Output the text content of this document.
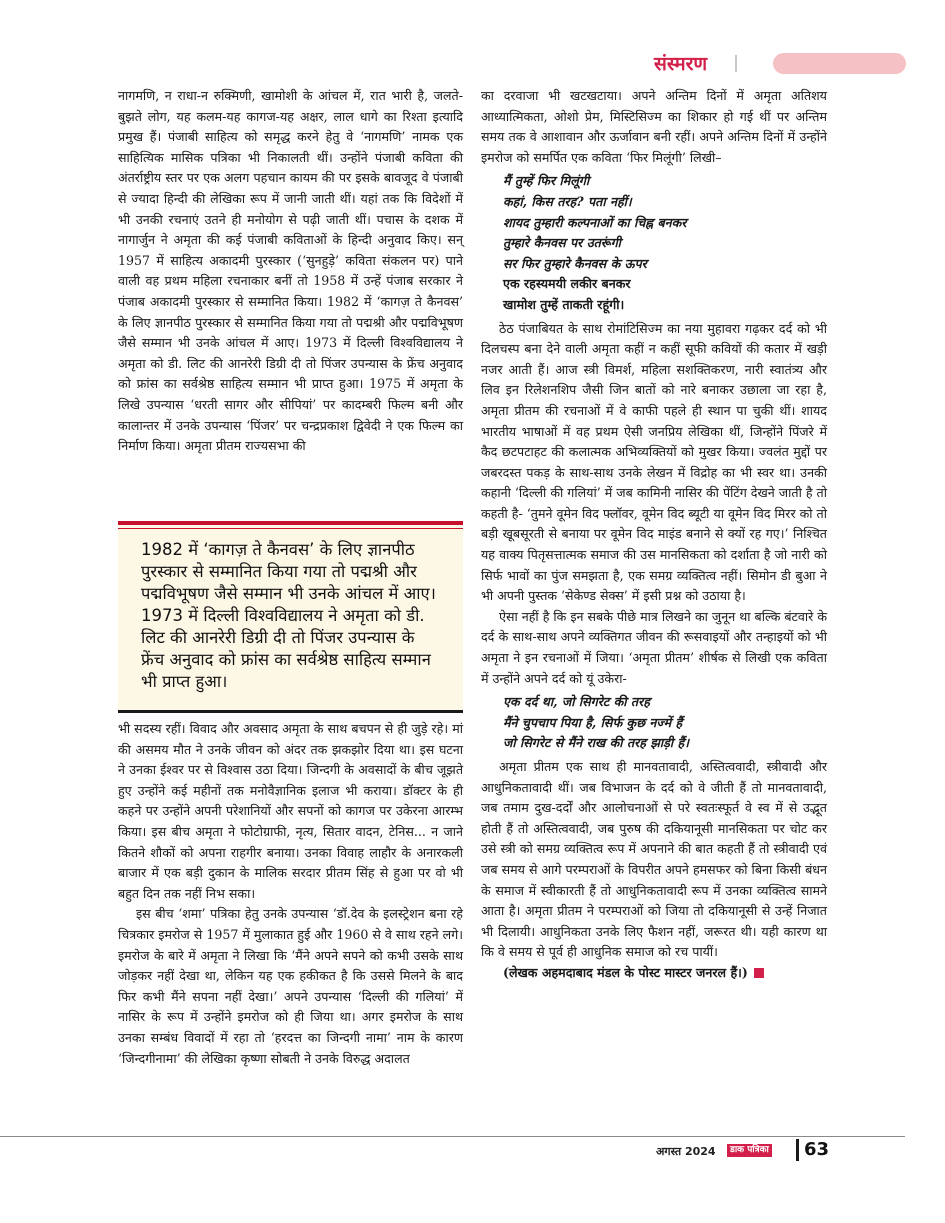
संस्मरण

नागमणि, न राधा-न रुक्मिणी, खामोशी के आंचल में, रात भारी है, जलते-बुझते लोग, यह कलम-यह कागज-यह अक्षर, लाल धागे का रिश्ता इत्यादि प्रमुख हैं। पंजाबी साहित्य को समृद्ध करने हेतु वे ‘नागमणि’ नामक एक साहित्यिक मासिक पत्रिका भी निकालती थीं। उन्होंने पंजाबी कविता की अंतर्राष्ट्रीय स्तर पर एक अलग पहचान कायम की पर इसके बावजूद वे पंजाबी से ज्यादा हिन्दी की लेखिका रूप में जानी जाती थीं। यहां तक कि विदेशों में भी उनकी रचनाएं उतने ही मनोयोग से पढ़ी जाती थीं। पचास के दशक में नागार्जुन ने अमृता की कई पंजाबी कविताओं के हिन्दी अनुवाद किए। सन् 1957 में साहित्य अकादमी पुरस्कार (‘सुनहुड़े’ कविता संकलन पर) पाने वाली वह प्रथम महिला रचनाकार बनीं तो 1958 में उन्हें पंजाब सरकार ने पंजाब अकादमी पुरस्कार से सम्मानित किया। 1982 में ‘कागज़ ते कैनवस’ के लिए ज्ञानपीठ पुरस्कार से सम्मानित किया गया तो पद्मश्री और पद्मविभूषण जैसे सम्मान भी उनके आंचल में आए। 1973 में दिल्ली विश्वविद्यालय ने अमृता को डी. लिट की आनरेरी डिग्री दी तो पिंजर उपन्यास के फ्रेंच अनुवाद को फ्रांस का सर्वश्रेष्ठ साहित्य सम्मान भी प्राप्त हुआ। 1975 में अमृता के लिखे उपन्यास ‘धरती सागर और सीपियां’ पर कादम्बरी फिल्म बनी और कालान्तर में उनके उपन्यास ‘पिंजर’ पर चन्द्रप्रकाश द्विवेदी ने एक फिल्म का निर्माण किया। अमृता प्रीतम राज्यसभा की

1982 में ‘कागज़ ते कैनवस’ के लिए ज्ञानपीठ पुरस्कार से सम्मानित किया गया तो पद्मश्री और पद्मविभूषण जैसे सम्मान भी उनके आंचल में आए। 1973 में दिल्ली विश्वविद्यालय ने अमृता को डी. लिट की आनरेरी डिग्री दी तो पिंजर उपन्यास के फ्रेंच अनुवाद को फ्रांस का सर्वश्रेष्ठ साहित्य सम्मान भी प्राप्त हुआ।

भी सदस्य रहीं। विवाद और अवसाद अमृता के साथ बचपन से ही जुड़े रहे। मां की असमय मौत ने उनके जीवन को अंदर तक झकझोर दिया था। इस घटना ने उनका ईश्वर पर से विश्वास उठा दिया। जिन्दगी के अवसादों के बीच जूझते हुए उन्होंने कई महीनों तक मनोवैज्ञानिक इलाज भी कराया। डॉक्टर के ही कहने पर उन्होंने अपनी परेशानियों और सपनों को कागज पर उकेरना आरम्भ किया। इस बीच अमृता ने फोटोग्राफी, नृत्य, सितार वादन, टेनिस... न जाने कितने शौकों को अपना राहगीर बनाया। उनका विवाह लाहौर के अनारकली बाजार में एक बड़ी दुकान के मालिक सरदार प्रीतम सिंह से हुआ पर वो भी बहुत दिन तक नहीं निभ सका।

इस बीच ‘शमा’ पत्रिका हेतु उनके उपन्यास ‘डॉ.देव के इलस्ट्रेशन बना रहे चित्रकार इमरोज से 1957 में मुलाकात हुई और 1960 से वे साथ रहने लगे। इमरोज के बारे में अमृता ने लिखा कि ‘मैंने अपने सपने को कभी उसके साथ जोड़कर नहीं देखा था, लेकिन यह एक हकीकत है कि उससे मिलने के बाद फिर कभी मैंने सपना नहीं देखा।’ अपने उपन्यास ‘दिल्ली की गलियां’ में नासिर के रूप में उन्होंने इमरोज को ही जिया था। अगर इमरोज के साथ उनका सम्बंध विवादों में रहा तो ‘हरदत्त का जिन्दगी नामा’ नाम के कारण ‘जिन्दगीनामा’ की लेखिका कृष्णा सोबती ने उनके विरुद्ध अदालत

का दरवाजा भी खटखटाया। अपने अन्तिम दिनों में अमृता अतिशय आध्यात्मिकता, ओशो प्रेम, मिस्टिसिज्म का शिकार हो गई थीं पर अन्तिम समय तक वे आशावान और ऊर्जावान बनी रहीं। अपने अन्तिम दिनों में उन्होंने इमरोज को समर्पित एक कविता ‘फिर मिलूंगी’ लिखी–

मैं तुम्हें फिर मिलूंगी
कहां, किस तरह? पता नहीं।
शायद तुम्हारी कल्पनाओं का चिह्न बनकर
तुम्हारे कैनवस पर उतरूंगी
सर फिर तुम्हारे कैनवस के ऊपर
एक रहस्यमयी लकीर बनकर
खामोश तुम्हें ताकती रहूंगी।

ठेठ पंजाबियत के साथ रोमांटिसिज्म का नया मुहावरा गढ़कर दर्द को भी दिलचस्प बना देने वाली अमृता कहीं न कहीं सूफी कवियों की कतार में खड़ी नजर आती हैं। आज स्त्री विमर्श, महिला सशक्तिकरण, नारी स्वातंत्र्य और लिव इन रिलेशनशिप जैसी जिन बातों को नारे बनाकर उछाला जा रहा है, अमृता प्रीतम की रचनाओं में वे काफी पहले ही स्थान पा चुकी थीं। शायद भारतीय भाषाओं में वह प्रथम ऐसी जनप्रिय लेखिका थीं, जिन्होंने पिंजरे में कैद छटपटाहट की कलात्मक अभिव्यक्तियों को मुखर किया। ज्वलंत मुद्दों पर जबरदस्त पकड़ के साथ-साथ उनके लेखन में विद्रोह का भी स्वर था। उनकी कहानी ‘दिल्ली की गलियां’ में जब कामिनी नासिर की पेंटिंग देखने जाती है तो कहती है- ‘तुमने वूमेन विद फ्लॉवर, वूमेन विद ब्यूटी या वूमेन विद मिरर को तो बड़ी खूबसूरती से बनाया पर वूमेन विद माइंड बनाने से क्यों रह गए।’ निश्चित यह वाक्य पितृसत्तात्मक समाज की उस मानसिकता को दर्शाता है जो नारी को सिर्फ भावों का पुंज समझता है, एक समग्र व्यक्तित्व नहीं। सिमोन डी बुआ ने भी अपनी पुस्तक ‘सेकेण्ड सेक्स’ में इसी प्रश्न को उठाया है।

ऐसा नहीं है कि इन सबके पीछे मात्र लिखने का जुनून था बल्कि बंटवारे के दर्द के साथ-साथ अपने व्यक्तिगत जीवन की रूसवाइयों और तन्हाइयों को भी अमृता ने इन रचनाओं में जिया। ‘अमृता प्रीतम’ शीर्षक से लिखी एक कविता में उन्होंने अपने दर्द को यूं उकेरा-

एक दर्द था, जो सिगरेट की तरह
मैंने चुपचाप पिया है, सिर्फ कुछ नज्में हैं
जो सिगरेट से मैंने राख की तरह झाड़ी हैं।

अमृता प्रीतम एक साथ ही मानवतावादी, अस्तित्ववादी, स्त्रीवादी और आधुनिकतावादी थीं। जब विभाजन के दर्द को वे जीती हैं तो मानवतावादी, जब तमाम दुख-दर्दों और आलोचनाओं से परे स्वतःस्फूर्त वे स्व में से उद्भूत होती हैं तो अस्तित्ववादी, जब पुरुष की दकियानूसी मानसिकता पर चोट कर उसे स्त्री को समग्र व्यक्तित्व रूप में अपनाने की बात कहती हैं तो स्त्रीवादी एवं जब समय से आगे परम्पराओं के विपरीत अपने हमसफर को बिना किसी बंधन के समाज में स्वीकारती हैं तो आधुनिकतावादी रूप में उनका व्यक्तित्व सामने आता है। अमृता प्रीतम ने परम्पराओं को जिया तो दकियानूसी से उन्हें निजात भी दिलायी। आधुनिकता उनके लिए फैशन नहीं, जरूरत थी। यही कारण था कि वे समय से पूर्व ही आधुनिक समाज को रच पायीं।

(लेखक अहमदाबाद मंडल के पोस्ट मास्टर जनरल हैं।)

अगस्त 2024	डाक पत्रिका 63
